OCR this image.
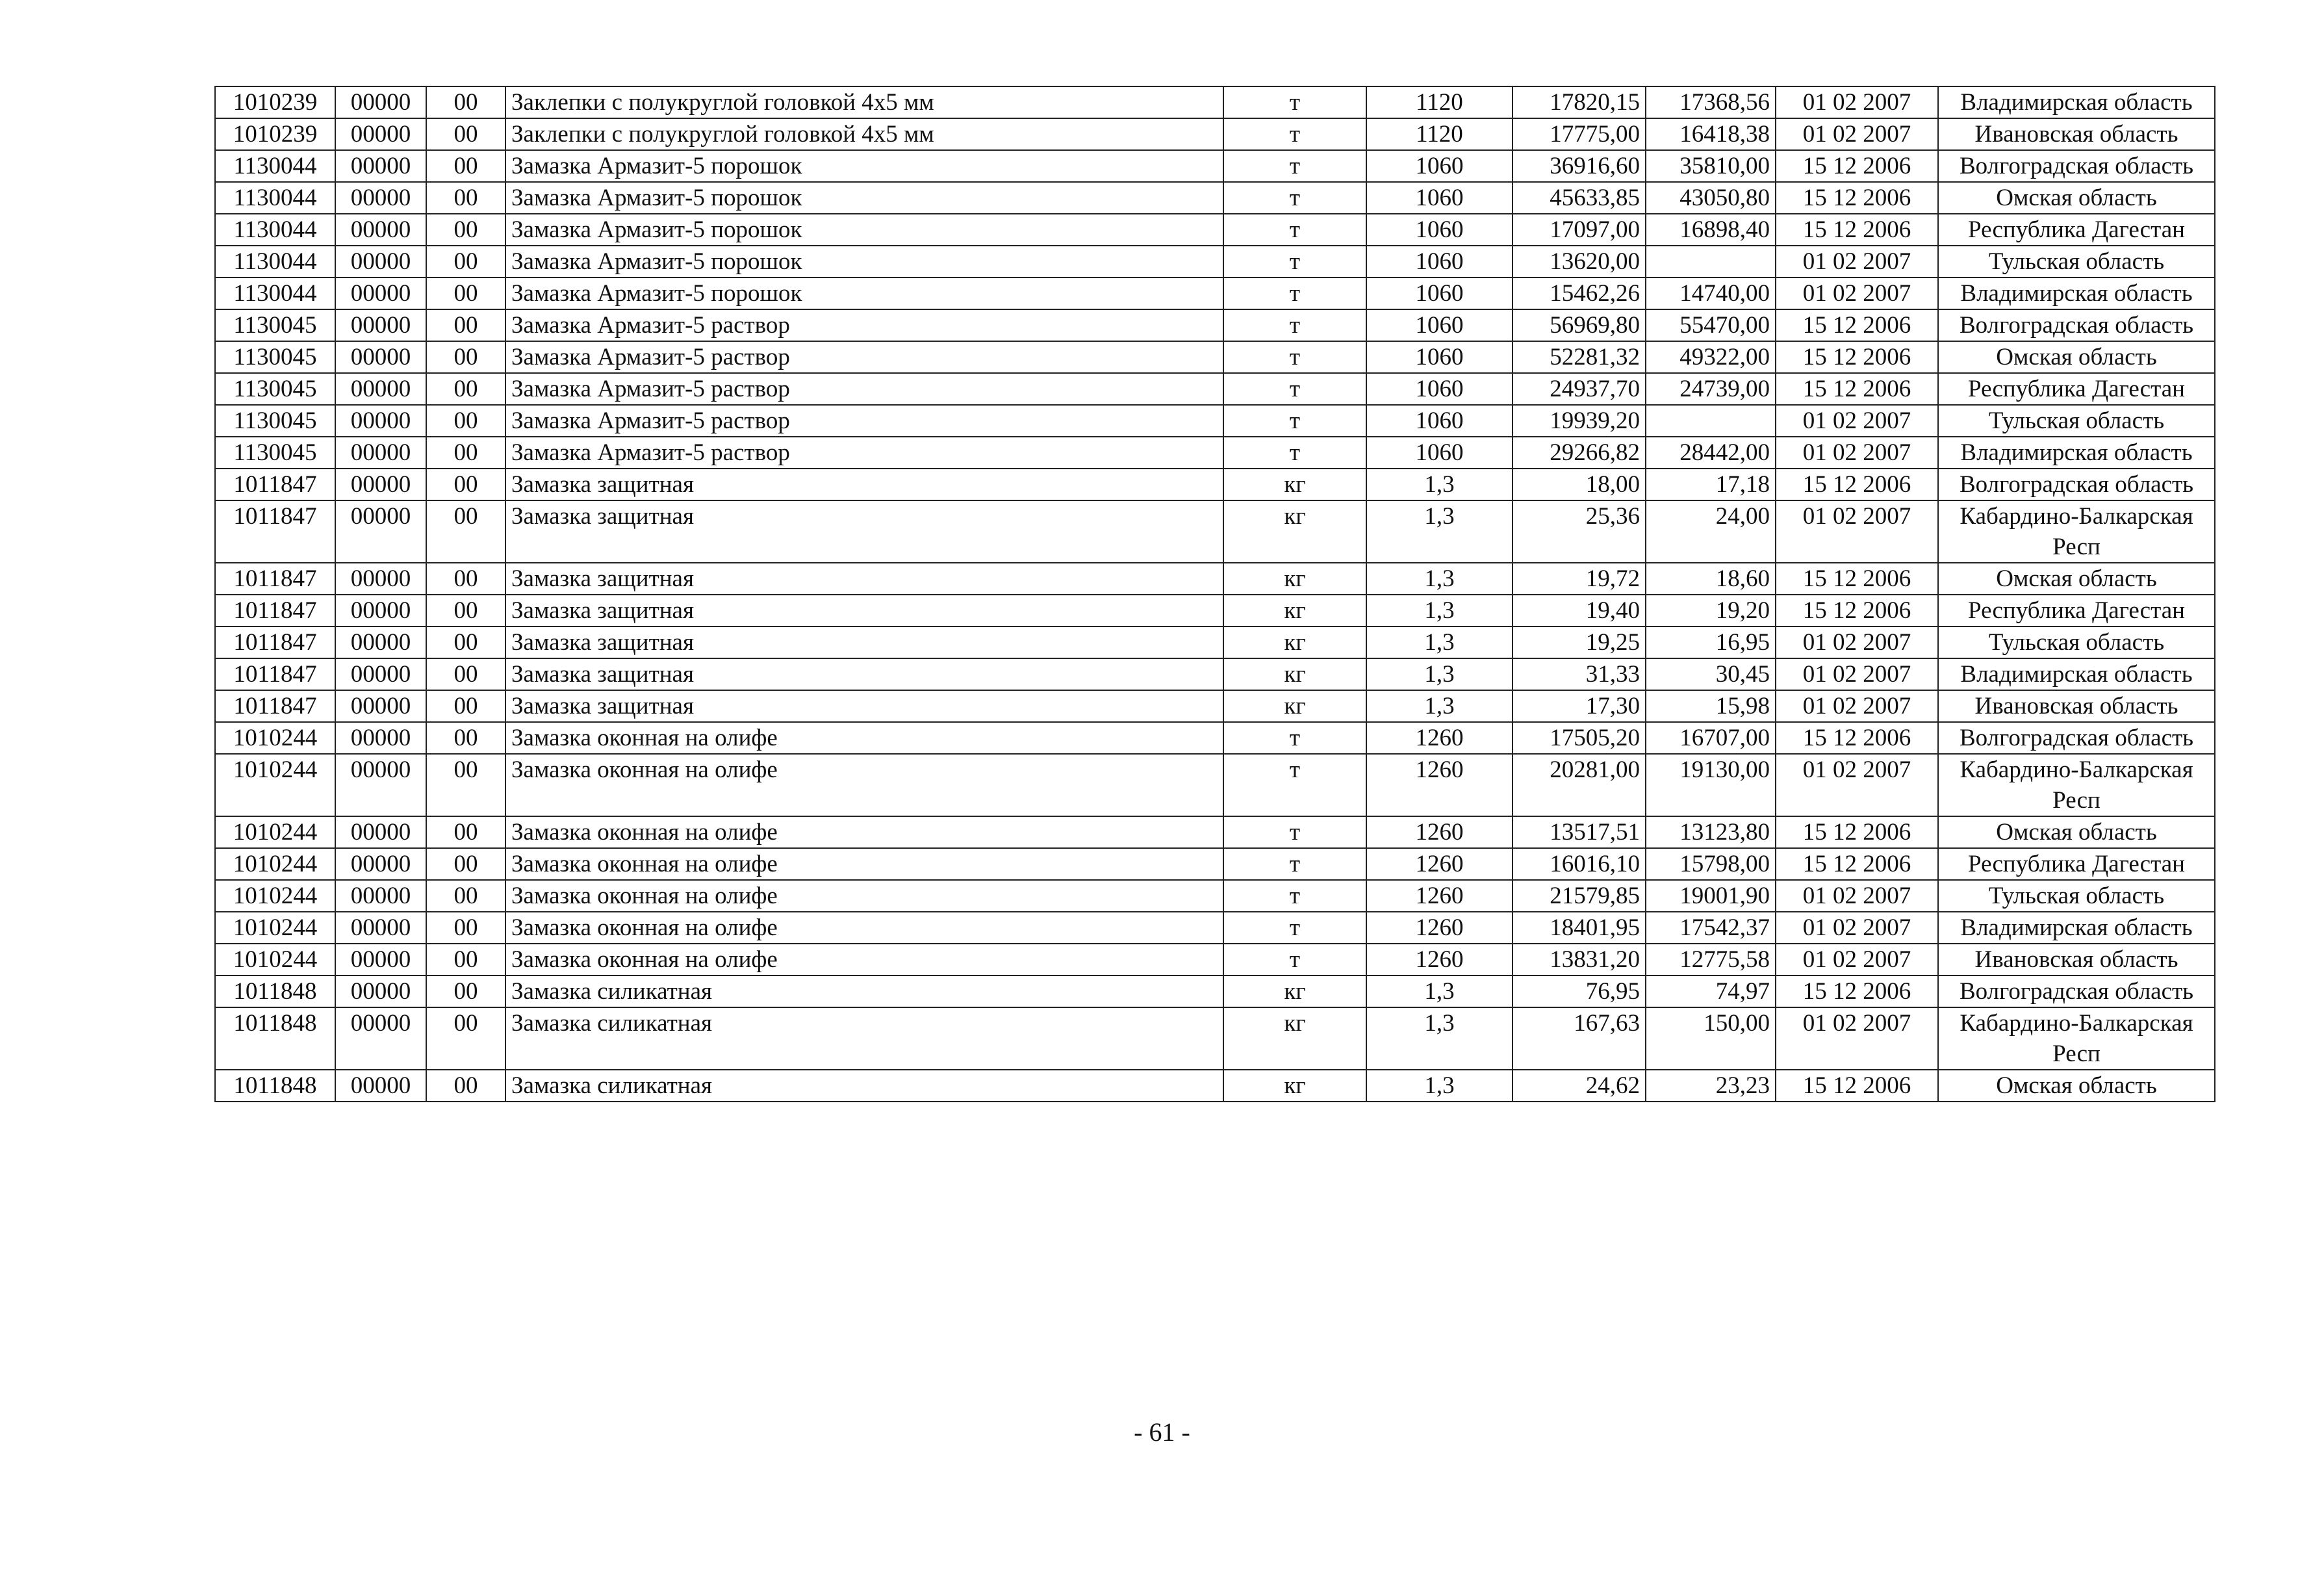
1010239	00000	00	Заклепки с полукруглой головкой 4х5 мм	т	1120	17820,15	17368,56	01 02 2007	Владимирская область
1010239	00000	00	Заклепки с полукруглой головкой 4х5 мм	т	1120	17775,00	16418,38	01 02 2007	Ивановская область
1130044	00000	00	Замазка Армазит-5 порошок	т	1060	36916,60	35810,00	15 12 2006	Волгоградская область
1130044	00000	00	Замазка Армазит-5 порошок	т	1060	45633,85	43050,80	15 12 2006	Омская область
1130044	00000	00	Замазка Армазит-5 порошок	т	1060	17097,00	16898,40	15 12 2006	Республика Дагестан
1130044	00000	00	Замазка Армазит-5 порошок	т	1060	13620,00		01 02 2007	Тульская область
1130044	00000	00	Замазка Армазит-5 порошок	т	1060	15462,26	14740,00	01 02 2007	Владимирская область
1130045	00000	00	Замазка Армазит-5 раствор	т	1060	56969,80	55470,00	15 12 2006	Волгоградская область
1130045	00000	00	Замазка Армазит-5 раствор	т	1060	52281,32	49322,00	15 12 2006	Омская область
1130045	00000	00	Замазка Армазит-5 раствор	т	1060	24937,70	24739,00	15 12 2006	Республика Дагестан
1130045	00000	00	Замазка Армазит-5 раствор	т	1060	19939,20		01 02 2007	Тульская область
1130045	00000	00	Замазка Армазит-5 раствор	т	1060	29266,82	28442,00	01 02 2007	Владимирская область
1011847	00000	00	Замазка защитная	кг	1,3	18,00	17,18	15 12 2006	Волгоградская область
1011847	00000	00	Замазка защитная	кг	1,3	25,36	24,00	01 02 2007	Кабардино-Балкарская Респ
1011847	00000	00	Замазка защитная	кг	1,3	19,72	18,60	15 12 2006	Омская область
1011847	00000	00	Замазка защитная	кг	1,3	19,40	19,20	15 12 2006	Республика Дагестан
1011847	00000	00	Замазка защитная	кг	1,3	19,25	16,95	01 02 2007	Тульская область
1011847	00000	00	Замазка защитная	кг	1,3	31,33	30,45	01 02 2007	Владимирская область
1011847	00000	00	Замазка защитная	кг	1,3	17,30	15,98	01 02 2007	Ивановская область
1010244	00000	00	Замазка оконная на олифе	т	1260	17505,20	16707,00	15 12 2006	Волгоградская область
1010244	00000	00	Замазка оконная на олифе	т	1260	20281,00	19130,00	01 02 2007	Кабардино-Балкарская Респ
1010244	00000	00	Замазка оконная на олифе	т	1260	13517,51	13123,80	15 12 2006	Омская область
1010244	00000	00	Замазка оконная на олифе	т	1260	16016,10	15798,00	15 12 2006	Республика Дагестан
1010244	00000	00	Замазка оконная на олифе	т	1260	21579,85	19001,90	01 02 2007	Тульская область
1010244	00000	00	Замазка оконная на олифе	т	1260	18401,95	17542,37	01 02 2007	Владимирская область
1010244	00000	00	Замазка оконная на олифе	т	1260	13831,20	12775,58	01 02 2007	Ивановская область
1011848	00000	00	Замазка силикатная	кг	1,3	76,95	74,97	15 12 2006	Волгоградская область
1011848	00000	00	Замазка силикатная	кг	1,3	167,63	150,00	01 02 2007	Кабардино-Балкарская Респ
1011848	00000	00	Замазка силикатная	кг	1,3	24,62	23,23	15 12 2006	Омская область
- 61 -
